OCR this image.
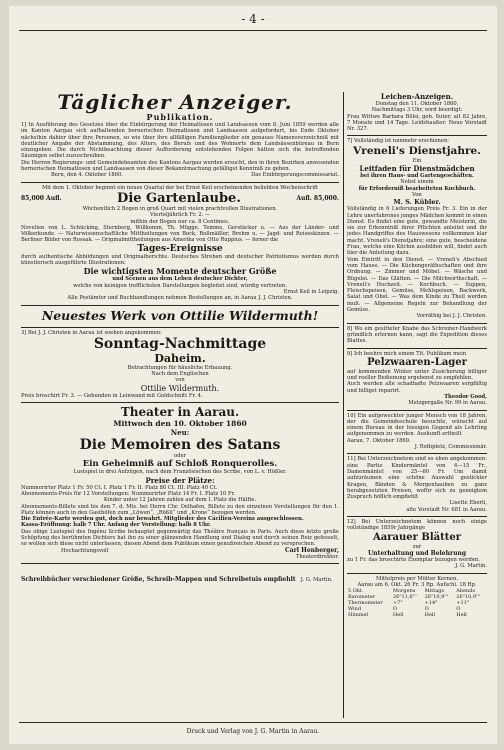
- 4 -
Täglicher Anzeiger.
Publikation.
1] In Ausführung des Gesetzes über die Einbürgerung der Heimatlosen und Landsassen vom 8. Juni 1859 werden alle im Kanton Aargau sich aufhaltenden bernerischen Heimatlosen und Landsassen aufgefordert, bis Ende Oktober nächsthin dahier über ihre Personen, so wie über ihre allfälligen Familienglieder ein genaues Namensverzeichniß mit deutlicher Angabe der Abstammung, des Alters, des Berufs und des Wohnorts dem Landsässenbüreau in Bern einzugeben. Die durch Nichtbeachtung dieser Aufforderung entstehenden Folgen hätten sich die betreffenden Säumigen selbst zuzuschreiben.
Die Herren Regierungs- und Gemeindebeamten des Kantons Aargau werden ersucht, den in ihren Bezirken anwesenden bernerischen Heimatlosen und Landsassen von dieser Bekanntmachung gefälligst Kenntniß zu geben.
Bern, den 4. Oktober 1860.	Das Einbürgerungscommissariat.
Mit dem 1. Oktober beginnt ein neues Quartal der bei Ernst Keil erscheinenden beliebten Wochenschrift
85,000 Aufl.	Die Gartenlaube.	Aufl. 85,000.
Wöchentlich 2 Bogen in groß Quart mit vielen prachtvollen Illustrationen.
Vierteljährlich Fr. 2. —
mithin der Bogen nur ca. 8 Centimes.
Novellen von L. Schücking, Sternberg, Willkomm, Th. Mügge, Temme, Gerstäcker u. — Aus der Länder- und Völkerkunde. — Naturwissenschaftliche Mittheilungen von Bock, Roßmäßler, Brehm u. — Jagd- und Reiseskizzen. — Berliner Bilder von Rossak. — Originalmittheilungen aus Amerika von Otto Ruppius. — ferner die
Tages-Ereignisse
durch authentische Abbildungen und Originalberichte. Deutsches Streben und deutscher Patriotismus werden durch künstlerisch ausgeführte Illustrationen:
Die wichtigsten Momente deutscher Größe
und Scenen aus dem Leben deutscher Dichter,
welche von keinigen trefflichsten Darstellungen begleitet sind, würdig vertreten.
Ernst Keil in Leipzig.
Alle Postämter und Buchhandlungen nehmen Bestellungen an, in Aarau J. J. Christen.
Neuestes Werk von Ottilie Wildermuth!
3] Bei J. J. Christen in Aarau ist soeben angekommen:
Sonntag-Nachmittage
Daheim.
Betrachtungen für häusliche Erbauung.
Nach dem Englischen
von
Ottilie Wildermuth.
Preis broschirt Fr. 3. — Gebunden in Leinwand mit Goldschnitt Fr. 4.
Theater in Aarau.
Mittwoch den 10. Oktober 1860
Neu:
Die Memoiren des Satans
oder
Ein Geheimniß auf Schloß Ronquerolles.
Lustspiel in drei Aufzügen, nach dem Französischen des Scribe, von L. v. Hößler.
Preise der Plätze:
Nummerirter Platz 1 Fr. 50 Ct. I. Platz 1 Fr. II. Platz 80 Ct. III. Platz 40 Ct.
Abonnements-Preis für 12 Vorstellungen: Nummerirter Platz 14 Fr. I. Platz 10 Fr.
Kinder unter 12 Jahren zahlen auf dem I. Platz die Hälfte.
Abonnements-Billete sind bis den 7. d. Mts. bei Herrn Chr. Oelhafen, Billete zu den einzelnen Vorstellungen für den 1. Platz können auch in den Gasthöfen zum „Löwen“, „Rößli“ und „Krone“ bezogen werden.
Die Entrée-Karte werden gut, doch nur bewahrt. Mitglieder des Cäcilien-Vereins ausgeschlossen.
Kassa-Eröffnung: halb 7 Uhr. Anfang der Vorstellung: halb 8 Uhr.
Das obige Lustspiel des Ingénu Scribe behauptet gegenwärtig das Théâtre français in Paris. Auch diese letzte große Schöpfung des berühmten Dichters hat ihn zu einer glänzenden Handlung und Dialog und durch seinen Reiz gefesselt, so wollen sich diese nicht unterlassen, diesen Abend dem Publikum einen genußreichen Abend zu versprechen.
Hochachtungsvoll	Carl Henberger,
Theaterdirektor.
Schreibbücher verschiedener Größe, Schreib-Mappen und Schreibetuis empfiehlt J. G. Martin.
Leichen-Anzeigen.
Donstag den 11. Oktober 1860,
Nachmittags 3 Uhr, wird beerdigt:
Frau Wittwe Barbara Bölsi, geb. Suter; alt 82 Jahre, 7 Monate und 14 Tage. Leidshaußer: Neue Vorstadt Nr. 327.
7] Vollständig ist nunmehr erschienen:
Vreneli's Dienstjahre.
Ein
Leitfaden für Dienstmädchen
bei ihren Haus- und Gartengeschäften.
Nebst einem
für Erforderniß bearbeiteten Kochbuch.
Von
M. S. Kübler.
Vollständig in 6 Lieferungen Preis Fr. 3. Ein in der Lehre unerfahrenes junges Mädchen kommt in einen Dienst. Es findet eine gute, gewandte Meisterin, die sie zur Erkenntniß ihrer Pflichten anleitet und ihr jedes Handgriffes des Hauswesens vollkommen klar macht. Vreneli's Dienstjahre; eine gute, bescheidene Frau, welche eine Köchin ausbilden will, findet auch hier die Anleitung dazu.
Vom Eintritt in den Dienst. — Vreneli's Abschied vom Hause. — Die Küchengeräthschaften und ihre Ordnung. — Zimmer und Möbel. — Wäsche und Bügelei. — Das Glätten. — Die Milchwirthschaft. — Vreneli's Hochzeit. — Kochbuch. — Suppen, Fleischspeisen, Gemüse, Mehlspeisen, Backwerk, Salat und Obst. — Was dem Kinde zu Theil werden muß. — Allgemeine Regeln zur Behandlung der Gemüse.
Vorräthig bei J. J. Christen.
8] Wo ein gesitteter Knabe das Schreiner-Handwerk gründlich erlernen kann, sagt die Expedition dieses Blattes.
9] Ich beehre mich einem Tit. Publikum mein
Pelzwaaren-Lager
auf kommenden Winter unter Zusicherung billiger und reeller Bedienung ergebenst zu empfehlen.
Auch werden alle schadhafte Pelzwaaren sorgfältig und billigst reparirt.
Theodor Good,
Metzgergaße Nr. 99 in Aarau.
10] Ein aufgeweckter junger Mensch von 18 Jahren, der die Gemeindeschule besuchte, wünscht auf einem Bureau in der hiesigen Gegend als Lehrling aufgenommen zu werden. Auskunft ertheilt
Aarau, 7. Oktober 1860.
J. Rothpletz, Commissionär.
11] Bei Unterzeichnetem sind so eben angekommen: eine Partie Kindermäntel von 6—15 Fr., Damenmäntel von 25—60 Fr. Um damit aufzuräumen eine schöne Auswahl gestickter Kragen, Bänden & Morgenhauben zu ganz herabgesetzten Preisen, wofür sich zu geneigtem Zuspruch höflich empfiehlt
Lisette Eberli,
alte Vorstadt Nr. 681 in Aarau.
12] Bei Unterzeichnetem können noch einige vollständige 1859r Jahrgänge
Aarauer Blätter
zur
Unterhaltung und Belehrung
zu 1 Fr. das broschirte Exemplar bezogen werden.
J. G. Martin.
Mittelpreis per Mütter Kernen.
Aarau am 6. Okt. 26 Fr. 3 Rp. Aufschl. 18 Rp.
5 Okt.	Morgens	Mittags	Abends
Barometer	26"11,6'''	26"10,9'''	26"10,9'''
Thermometer	+7°	+14°	+11°
Wind	O	O	O
Himmel	Hell	Hell	Hell
Druck und Verlag von J. G. Martin in Aarau.
